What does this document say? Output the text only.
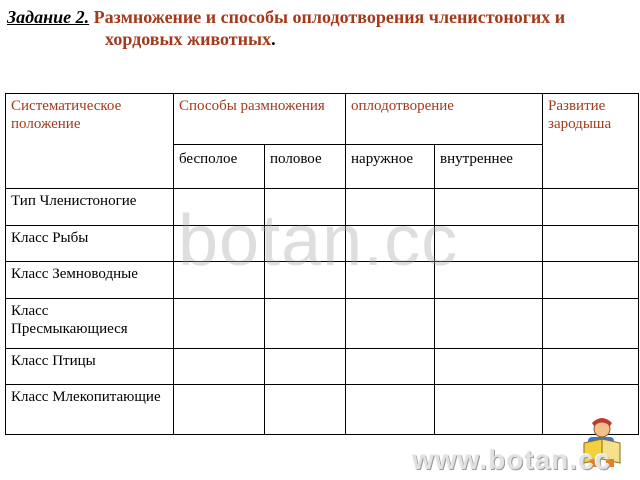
Задание 2. Размножение и способы оплодотворения членистоногих и
хордовых животных.
Систематическое положение	Способы размножения		оплодотворение		Развитие зародыша
	бесполое	половое	наружное	внутреннее	
Тип Членистоногие					
Класс Рыбы					
Класс Земноводные					
Класс Пресмыкающиеся					
Класс Птицы					
Класс Млекопитающие					
botan.cc
www.botan.cc
